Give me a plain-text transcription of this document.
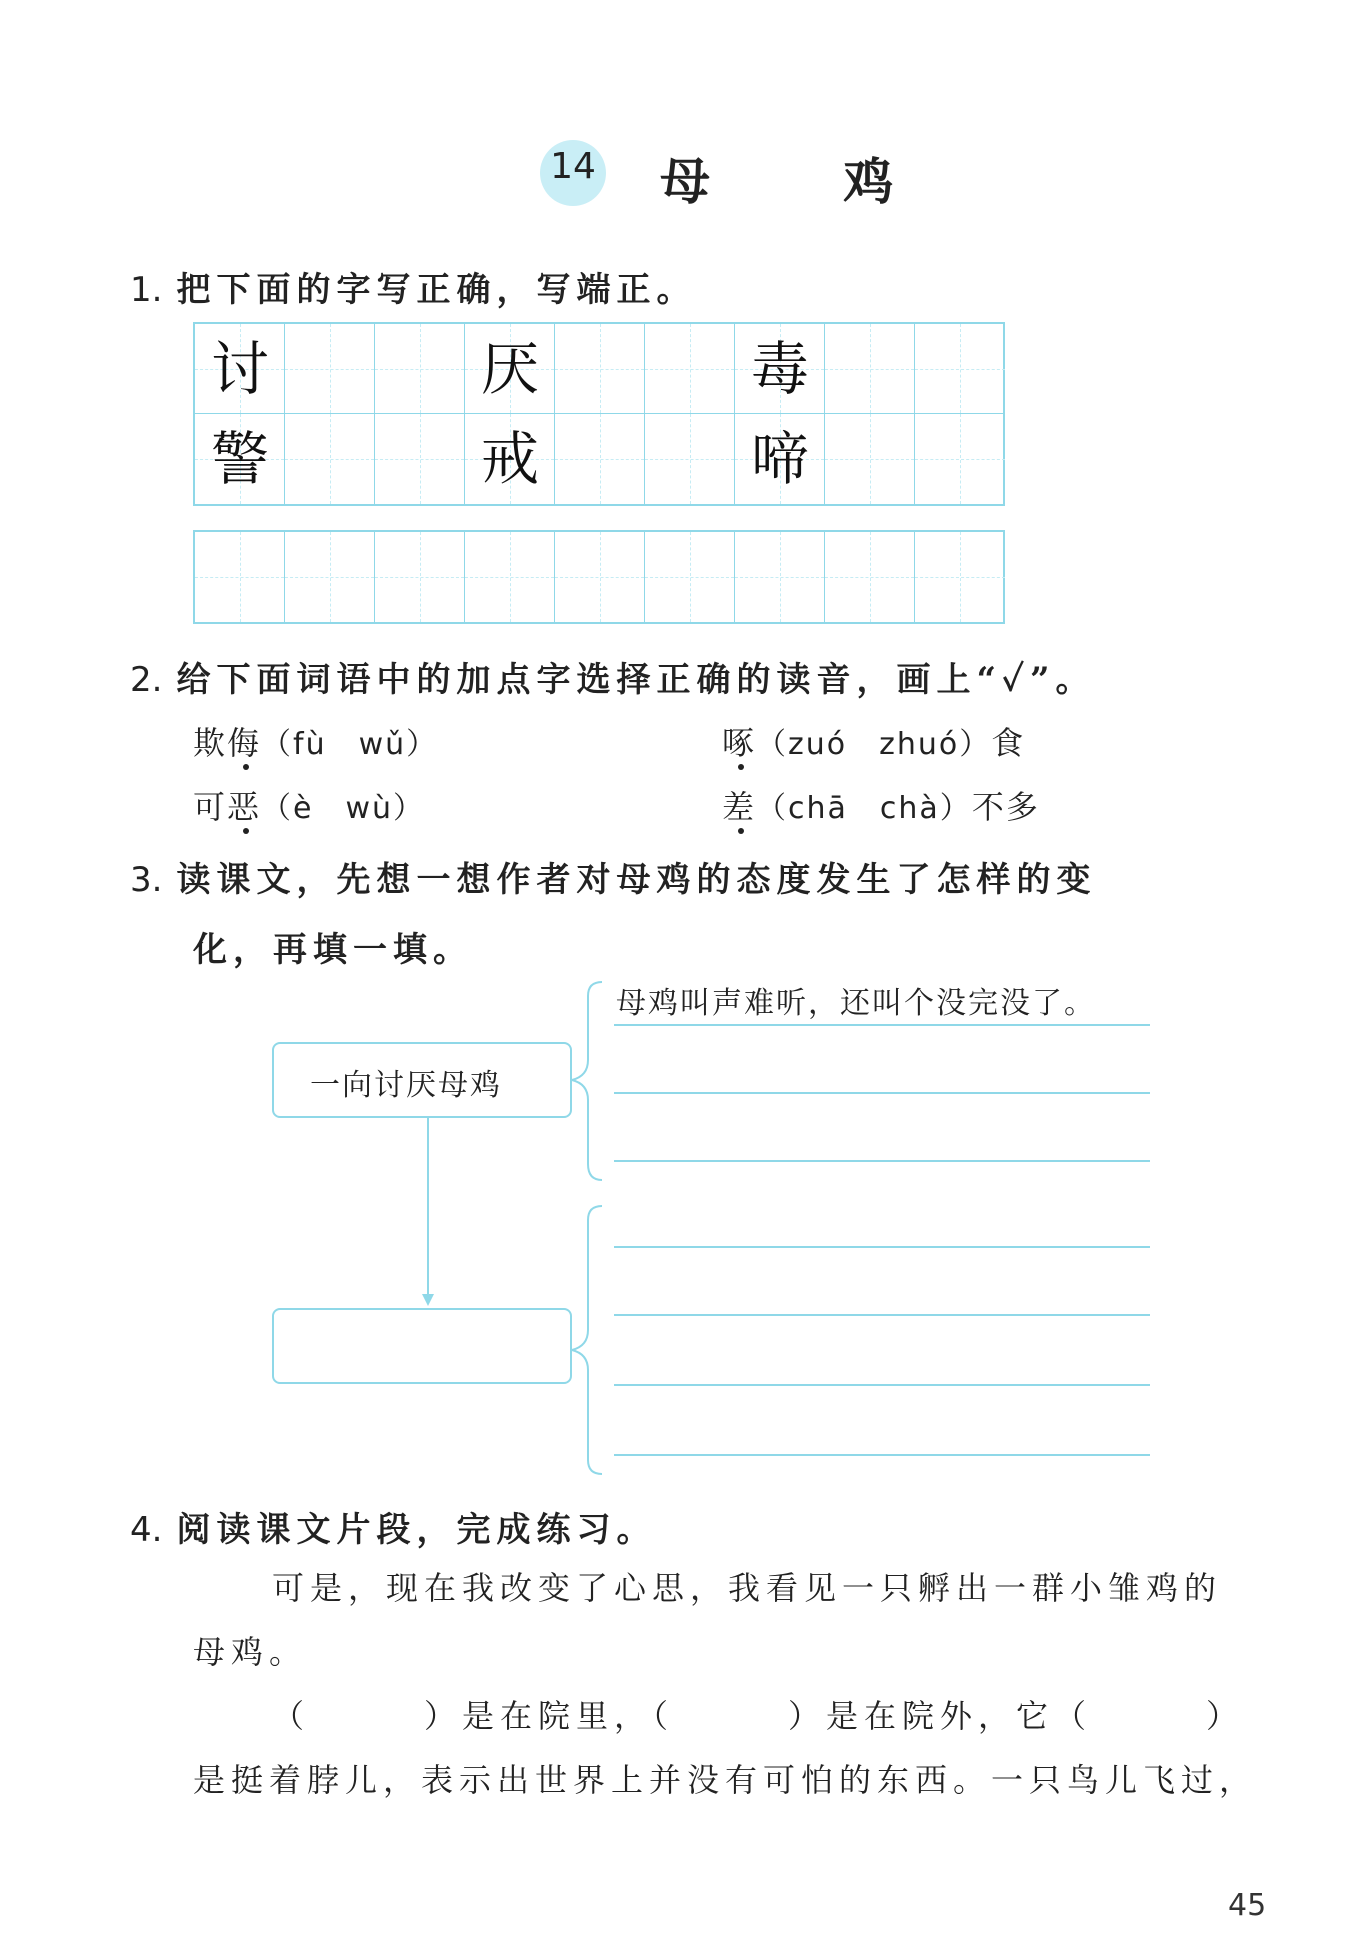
14 母 鸡
1. 把下面的字写正确，写端正。
讨	厌	毒
警	戒	啼
2. 给下面词语中的加点字选择正确的读音，画上“✓”。
欺侮（fù　wǔ）	啄（zuó　zhuó）食
可恶（è　wù）	差（chā　chà）不多
3. 读课文，先想一想作者对母鸡的态度发生了怎样的变
化，再填一填。
一向讨厌母鸡
母鸡叫声难听，还叫个没完没了。
4. 阅读课文片段，完成练习。
可是，现在我改变了心思，我看见一只孵出一群小雏鸡的
母鸡。
（　　　）是在院里，（　　　）是在院外，它（　　　）
是挺着脖儿，表示出世界上并没有可怕的东西。一只鸟儿飞过，
45
